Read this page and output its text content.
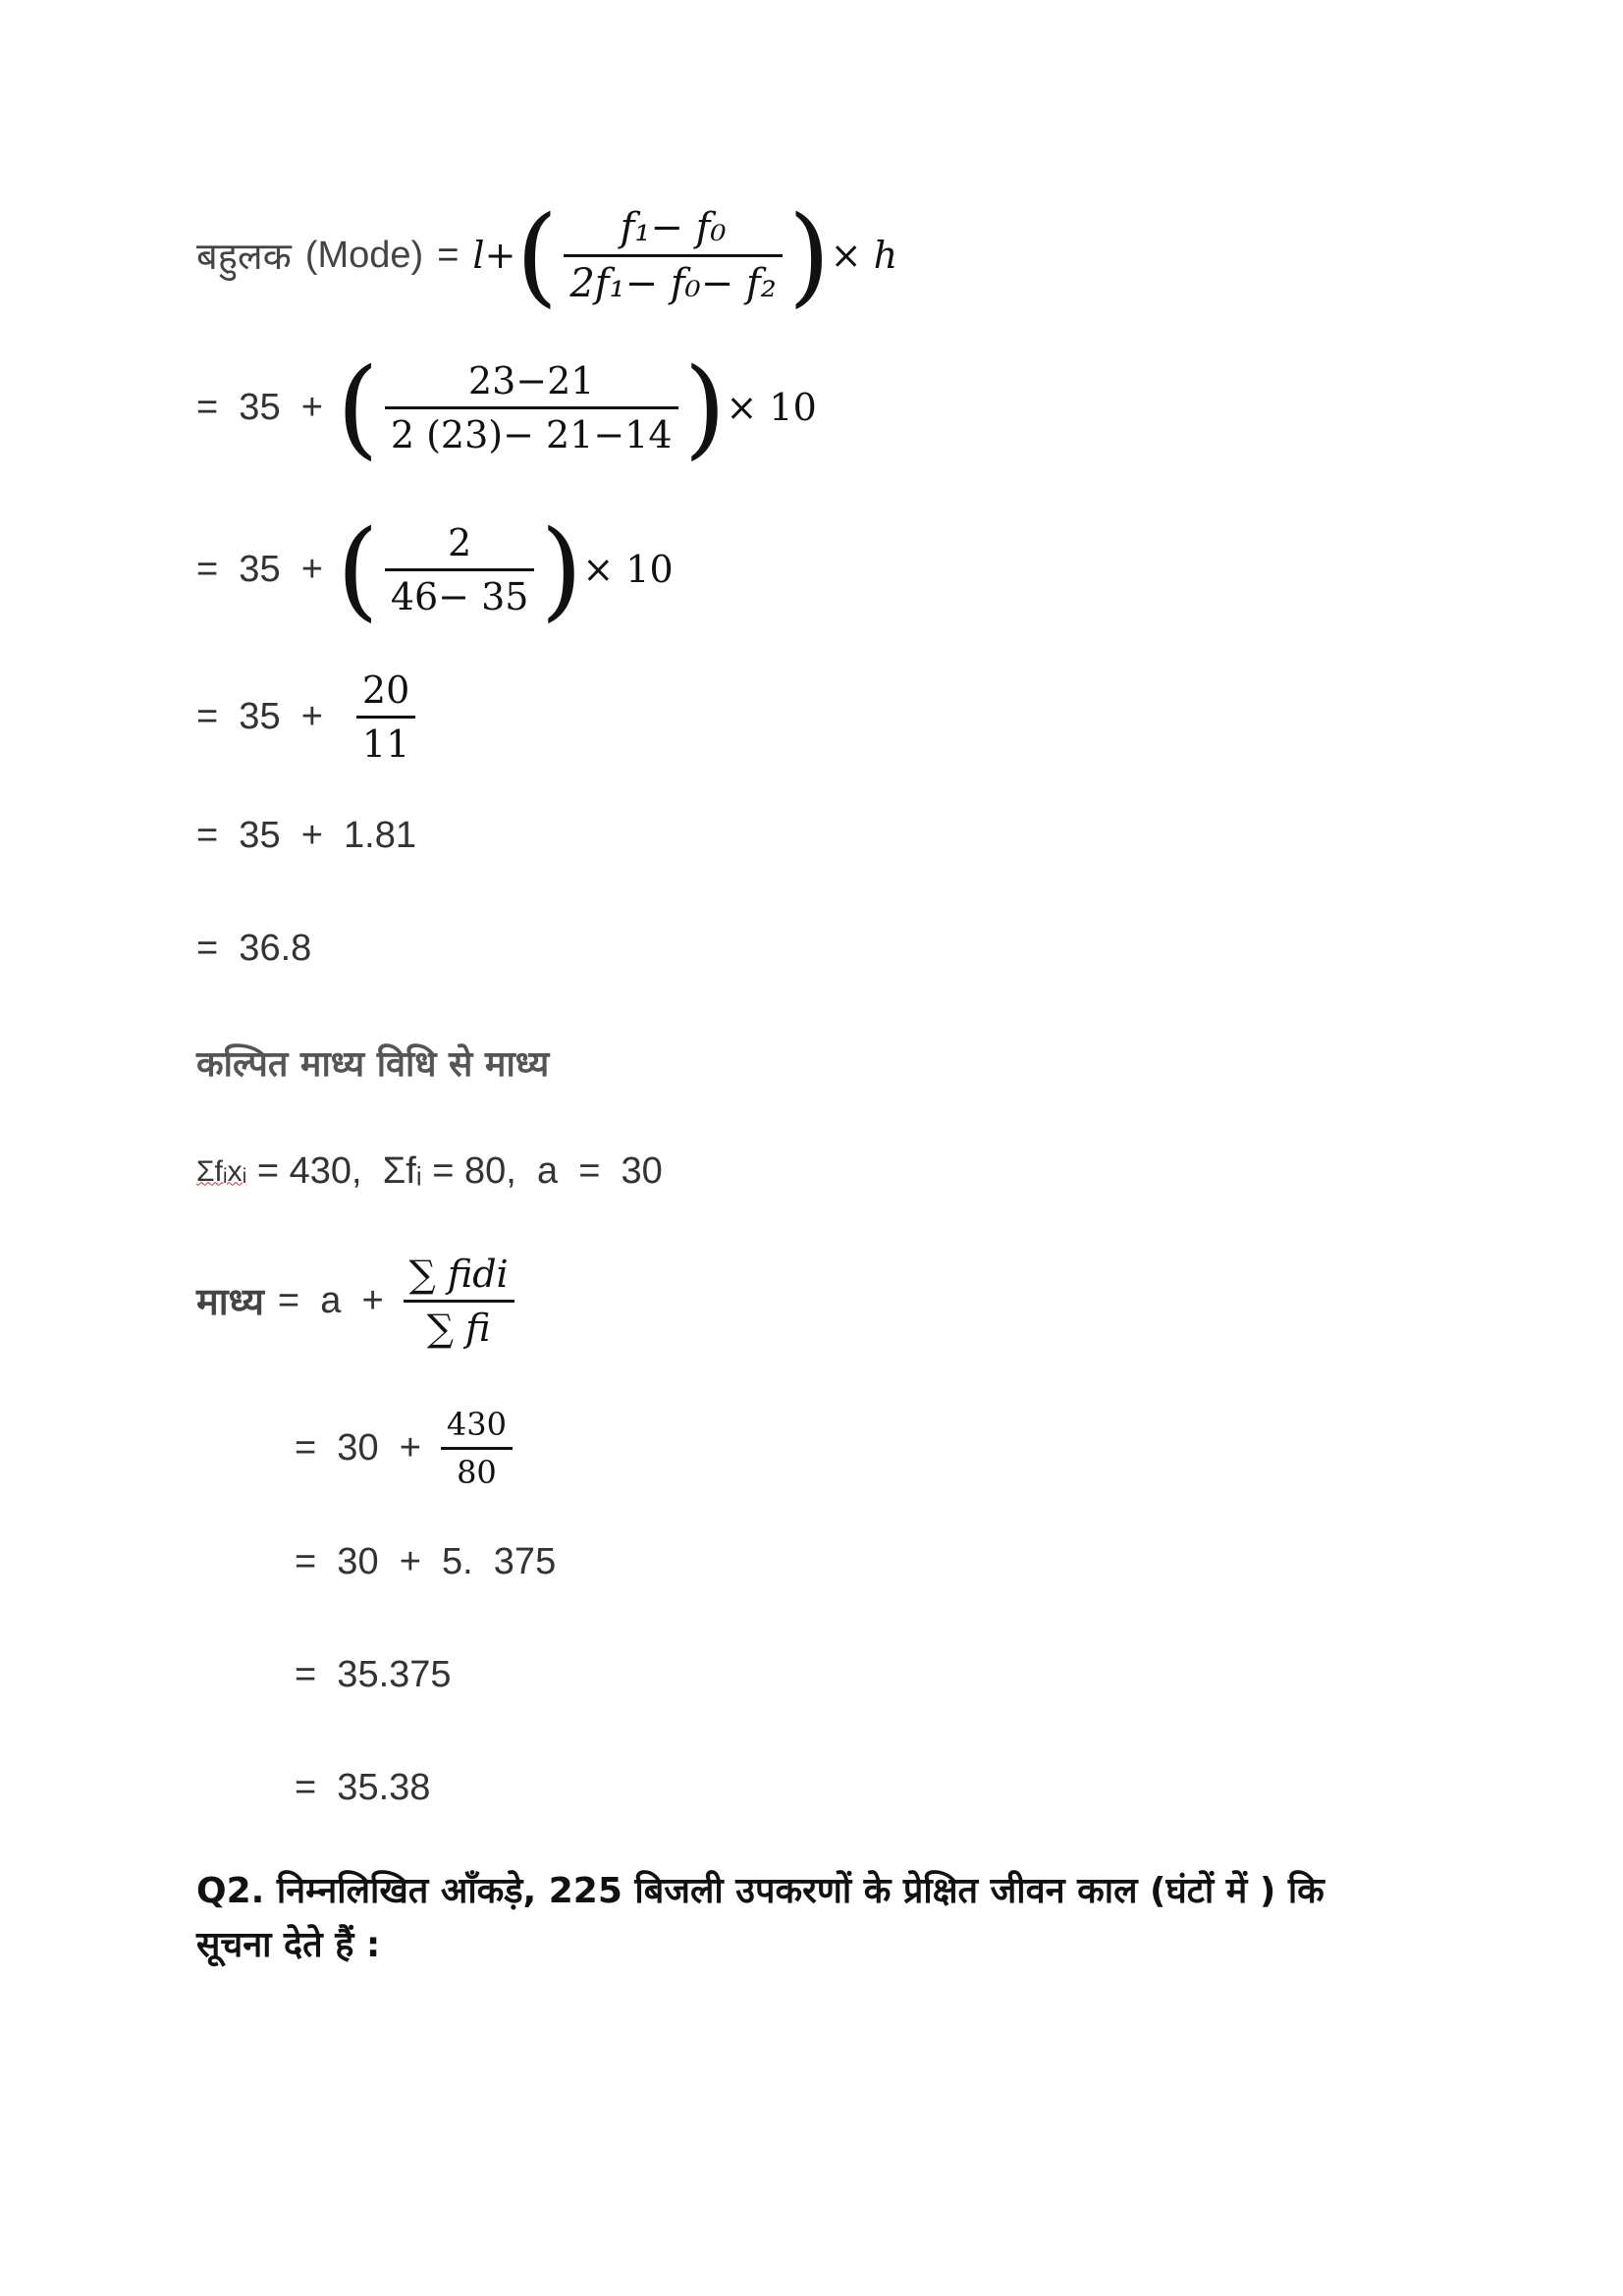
बहुलक (Mode) = l + ( $\frac{\text{f₁− f₀}}{\text{2f₁− f₀− f₂}}$ ) × h
=  35  + ( $\frac{23-21}{2 (23)- 21-14}$ ) × 10
=  35  + ( $\frac{2}{46- 35}$ ) × 10
=  $35 + \frac{20}{11}$
=  35  +  1.81
=  36.8
कल्पित माध्य विधि से माध्य
Σfᵢxᵢ = 430,  Σfᵢ = 80,  a  =  30
माध्य =  $a + \frac{\text{∑ fidi}}{\sum fi}$
=  $30 + \frac{430}{80}$
=  30  +  5.  375
=  35.375
=  35.38
Q2. निम्नलिखित आँकड़े, 225 बिजली उपकरणों के प्रेक्षित जीवन काल (घंटों में ) कि
सूचना देते हैं :
